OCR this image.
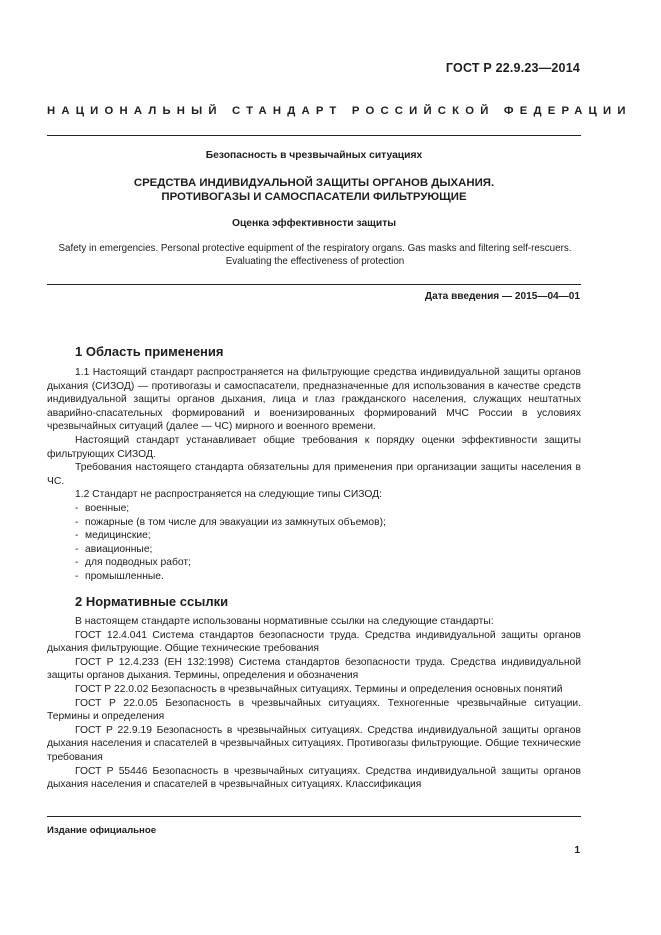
ГОСТ Р 22.9.23—2014
НАЦИОНАЛЬНЫЙ СТАНДАРТ РОССИЙСКОЙ ФЕДЕРАЦИИ
Безопасность в чрезвычайных ситуациях
СРЕДСТВА ИНДИВИДУАЛЬНОЙ ЗАЩИТЫ ОРГАНОВ ДЫХАНИЯ.
ПРОТИВОГАЗЫ И САМОСПАСАТЕЛИ ФИЛЬТРУЮЩИЕ
Оценка эффективности защиты
Safety in emergencies. Personal protective equipment of the respiratory organs. Gas masks and filtering self-rescuers.
Evaluating the effectiveness of protection
Дата введения — 2015—04—01
1 Область применения

1.1 Настоящий стандарт распространяется на фильтрующие средства индивидуальной защиты органов дыхания (СИЗОД) — противогазы и самоспасатели, предназначенные для использования в качестве средств индивидуальной защиты органов дыхания, лица и глаз гражданского населения, служащих нештатных аварийно-спасательных формирований и военизированных формирований МЧС России в условиях чрезвычайных ситуаций (далее — ЧС) мирного и военного времени.

Настоящий стандарт устанавливает общие требования к порядку оценки эффективности защиты фильтрующих СИЗОД.

Требования настоящего стандарта обязательны для применения при организации защиты населения в ЧС.

1.2 Стандарт не распространяется на следующие типы СИЗОД:

- военные;

- пожарные (в том числе для эвакуации из замкнутых объемов);

- медицинские;

- авиационные;

- для подводных работ;

- промышленные.

2 Нормативные ссылки

В настоящем стандарте использованы нормативные ссылки на следующие стандарты:

ГОСТ 12.4.041 Система стандартов безопасности труда. Средства индивидуальной защиты органов дыхания фильтрующие. Общие технические требования

ГОСТ Р 12.4.233 (ЕН 132:1998) Система стандартов безопасности труда. Средства индивидуальной защиты органов дыхания. Термины, определения и обозначения

ГОСТ Р 22.0.02 Безопасность в чрезвычайных ситуациях. Термины и определения основных понятий

ГОСТ Р 22.0.05 Безопасность в чрезвычайных ситуациях. Техногенные чрезвычайные ситуации. Термины и определения

ГОСТ Р 22.9.19 Безопасность в чрезвычайных ситуациях. Средства индивидуальной защиты органов дыхания населения и спасателей в чрезвычайных ситуациях. Противогазы фильтрующие. Общие технические требования

ГОСТ Р 55446 Безопасность в чрезвычайных ситуациях. Средства индивидуальной защиты органов дыхания населения и спасателей в чрезвычайных ситуациях. Классификация

Издание официальное
1
